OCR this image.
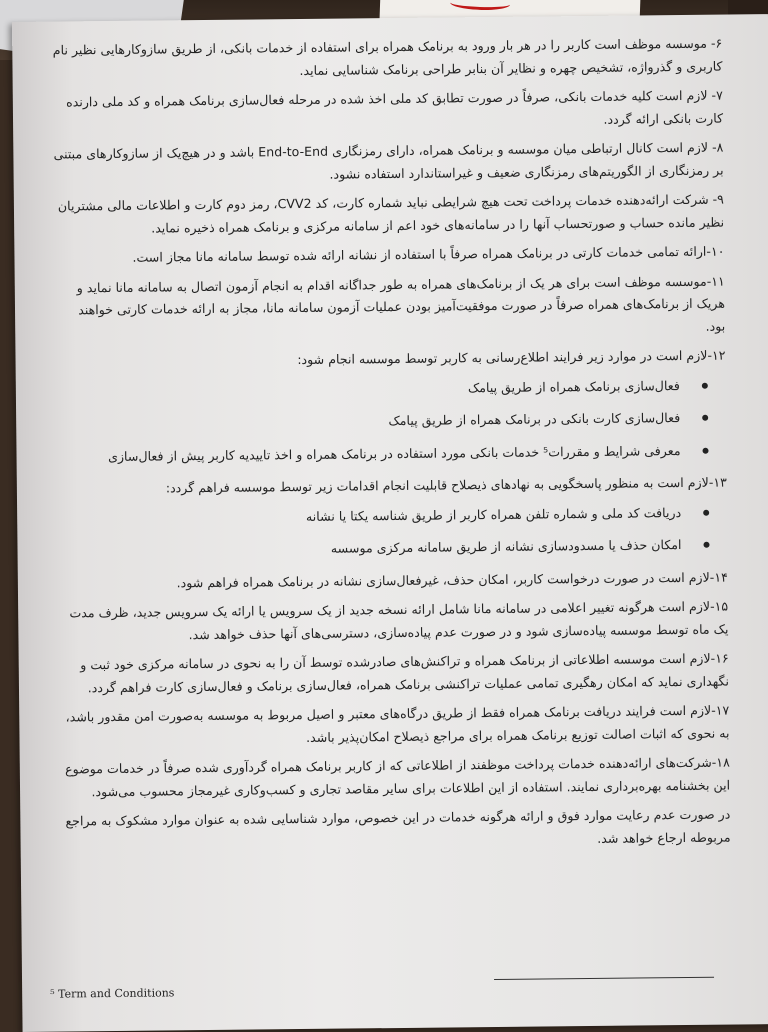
۶- موسسه موظف است کاربر را در هر بار ورود به برنامک همراه برای استفاده از خدمات بانکی، از طریق سازوکارهایی نظیر نام کاربری و گذرواژه، تشخیص چهره و نظایر آن بنابر طراحی برنامک شناسایی نماید.

۷- لازم است کلیه خدمات بانکی، صرفاً در صورت تطابق کد ملی اخذ شده در مرحله فعال‌سازی برنامک همراه و کد ملی دارنده کارت بانکی ارائه گردد.

۸- لازم است کانال ارتباطی میان موسسه و برنامک همراه، دارای رمزنگاری End-to-End باشد و در هیچ‌یک از سازوکارهای مبتنی بر رمزنگاری از الگوریتم‌های رمزنگاری ضعیف و غیراستاندارد استفاده نشود.

۹- شرکت ارائه‌دهنده خدمات پرداخت تحت هیچ شرایطی نباید شماره کارت، کد CVV2، رمز دوم کارت و اطلاعات مالی مشتریان نظیر مانده حساب و صورتحساب آنها را در سامانه‌های خود اعم از سامانه مرکزی و برنامک همراه ذخیره نماید.

۱۰-ارائه تمامی خدمات کارتی در برنامک همراه صرفاً با استفاده از نشانه ارائه شده توسط سامانه مانا مجاز است.

۱۱-موسسه موظف است برای هر یک از برنامک‌های همراه به طور جداگانه اقدام به انجام آزمون اتصال به سامانه مانا نماید و هریک از برنامک‌های همراه صرفاً در صورت موفقیت‌آمیز بودن عملیات آزمون سامانه مانا، مجاز به ارائه خدمات کارتی خواهند بود.

۱۲-لازم است در موارد زیر فرایند اطلاع‌رسانی به کاربر توسط موسسه انجام شود:

فعال‌سازی برنامک همراه از طریق پیامک
فعال‌سازی کارت بانکی در برنامک همراه از طریق پیامک
معرفی شرایط و مقررات⁵ خدمات بانکی مورد استفاده در برنامک همراه و اخذ تاییدیه کاربر پیش از فعال‌سازی

۱۳-لازم است به منظور پاسخگویی به نهادهای ذیصلاح قابلیت انجام اقدامات زیر توسط موسسه فراهم گردد:

دریافت کد ملی و شماره تلفن همراه کاربر از طریق شناسه یکتا یا نشانه
امکان حذف یا مسدودسازی نشانه از طریق سامانه مرکزی موسسه

۱۴-لازم است در صورت درخواست کاربر، امکان حذف، غیرفعال‌سازی نشانه در برنامک همراه فراهم شود.

۱۵-لازم است هرگونه تغییر اعلامی در سامانه مانا شامل ارائه نسخه جدید از یک سرویس یا ارائه یک سرویس جدید، ظرف مدت یک ماه توسط موسسه پیاده‌سازی شود و در صورت عدم پیاده‌سازی، دسترسی‌های آنها حذف خواهد شد.

۱۶-لازم است موسسه اطلاعاتی از برنامک همراه و تراکنش‌های صادرشده توسط آن را به نحوی در سامانه مرکزی خود ثبت و نگهداری نماید که امکان رهگیری تمامی عملیات تراکنشی برنامک همراه، فعال‌سازی برنامک و فعال‌سازی کارت فراهم گردد.

۱۷-لازم است فرایند دریافت برنامک همراه فقط از طریق درگاه‌های معتبر و اصیل مربوط به موسسه به‌صورت امن مقدور باشد، به نحوی که اثبات اصالت توزیع برنامک همراه برای مراجع ذیصلاح امکان‌پذیر باشد.

۱۸-شرکت‌های ارائه‌دهنده خدمات پرداخت موظفند از اطلاعاتی که از کاربر برنامک همراه گردآوری شده صرفاً در خدمات موضوع این بخشنامه بهره‌برداری نمایند. استفاده از این اطلاعات برای سایر مقاصد تجاری و کسب‌وکاری غیرمجاز محسوب می‌شود.

در صورت عدم رعایت موارد فوق و ارائه هرگونه خدمات در این خصوص، موارد شناسایی شده به عنوان موارد مشکوک به مراجع مربوطه ارجاع خواهد شد.

⁵ Term and Conditions
